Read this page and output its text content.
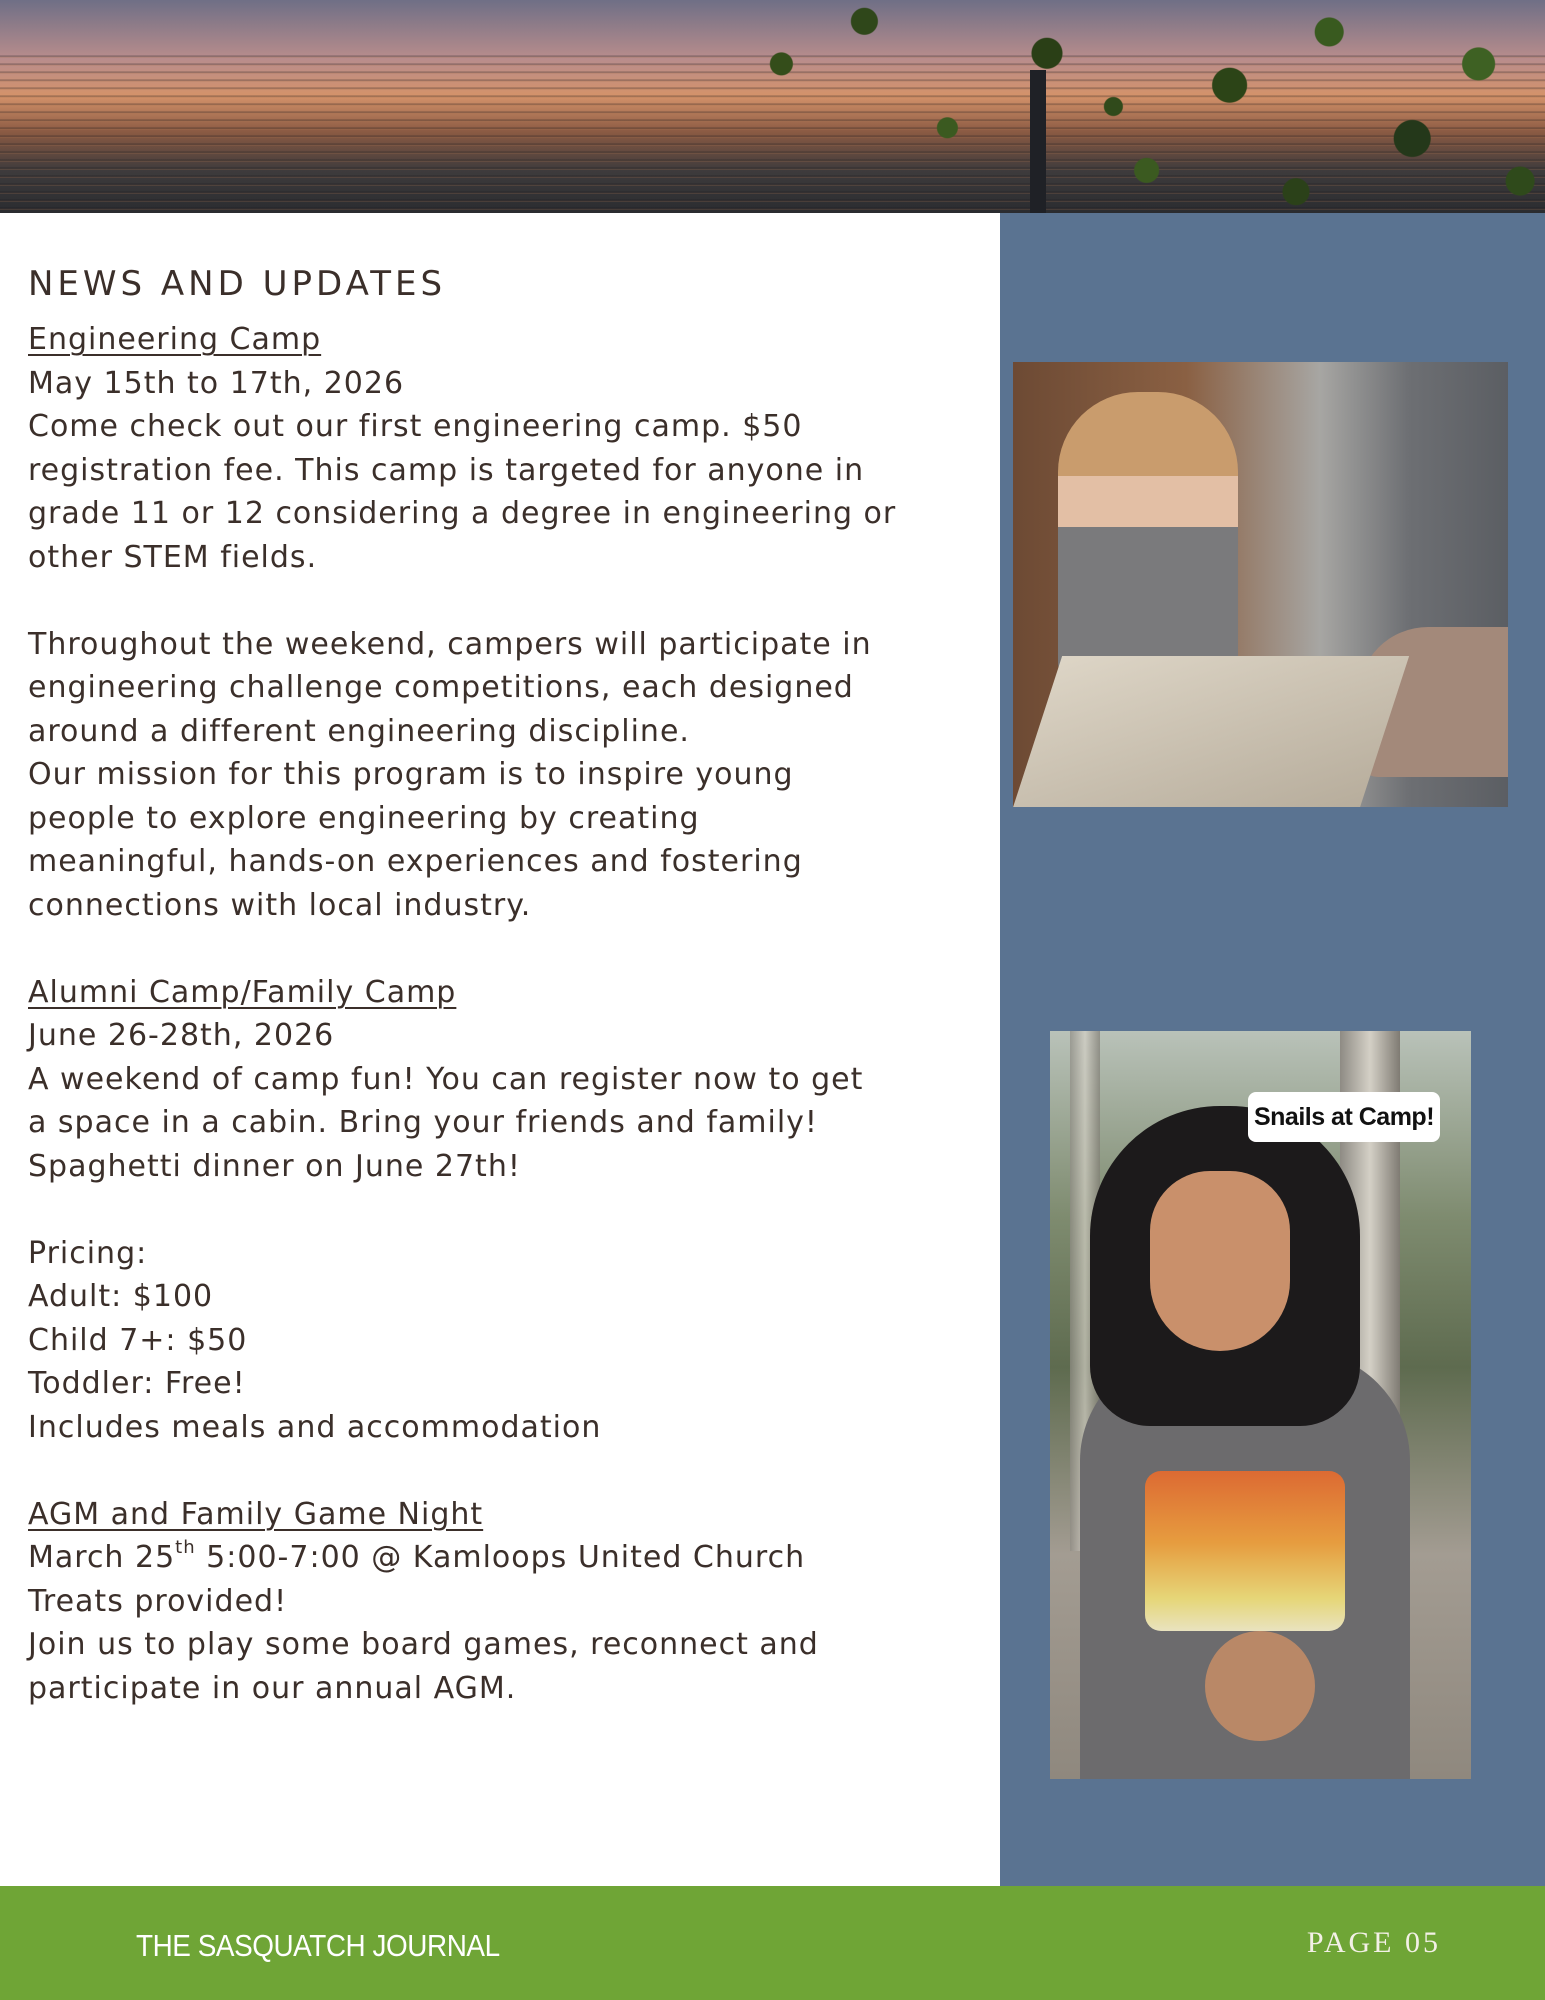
Snails at Camp!
NEWS AND UPDATES

Engineering Camp

May 15th to 17th, 2026

Come check out our first engineering camp. $50

registration fee. This camp is targeted for anyone in

grade 11 or 12 considering a degree in engineering or

other STEM fields.

Throughout the weekend, campers will participate in

engineering challenge competitions, each designed

around a different engineering discipline.

Our mission for this program is to inspire young

people to explore engineering by creating

meaningful, hands-on experiences and fostering

connections with local industry.

Alumni Camp/Family Camp

June 26-28th, 2026

A weekend of camp fun! You can register now to get

a space in a cabin. Bring your friends and family!

Spaghetti dinner on June 27th!

Pricing:

Adult: $100

Child 7+: $50

Toddler: Free!

Includes meals and accommodation

AGM and Family Game Night

March 25th 5:00-7:00 @ Kamloops United Church

Treats provided!

Join us to play some board games, reconnect and

participate in our annual AGM.

THE SASQUATCH JOURNAL	PAGE 05
